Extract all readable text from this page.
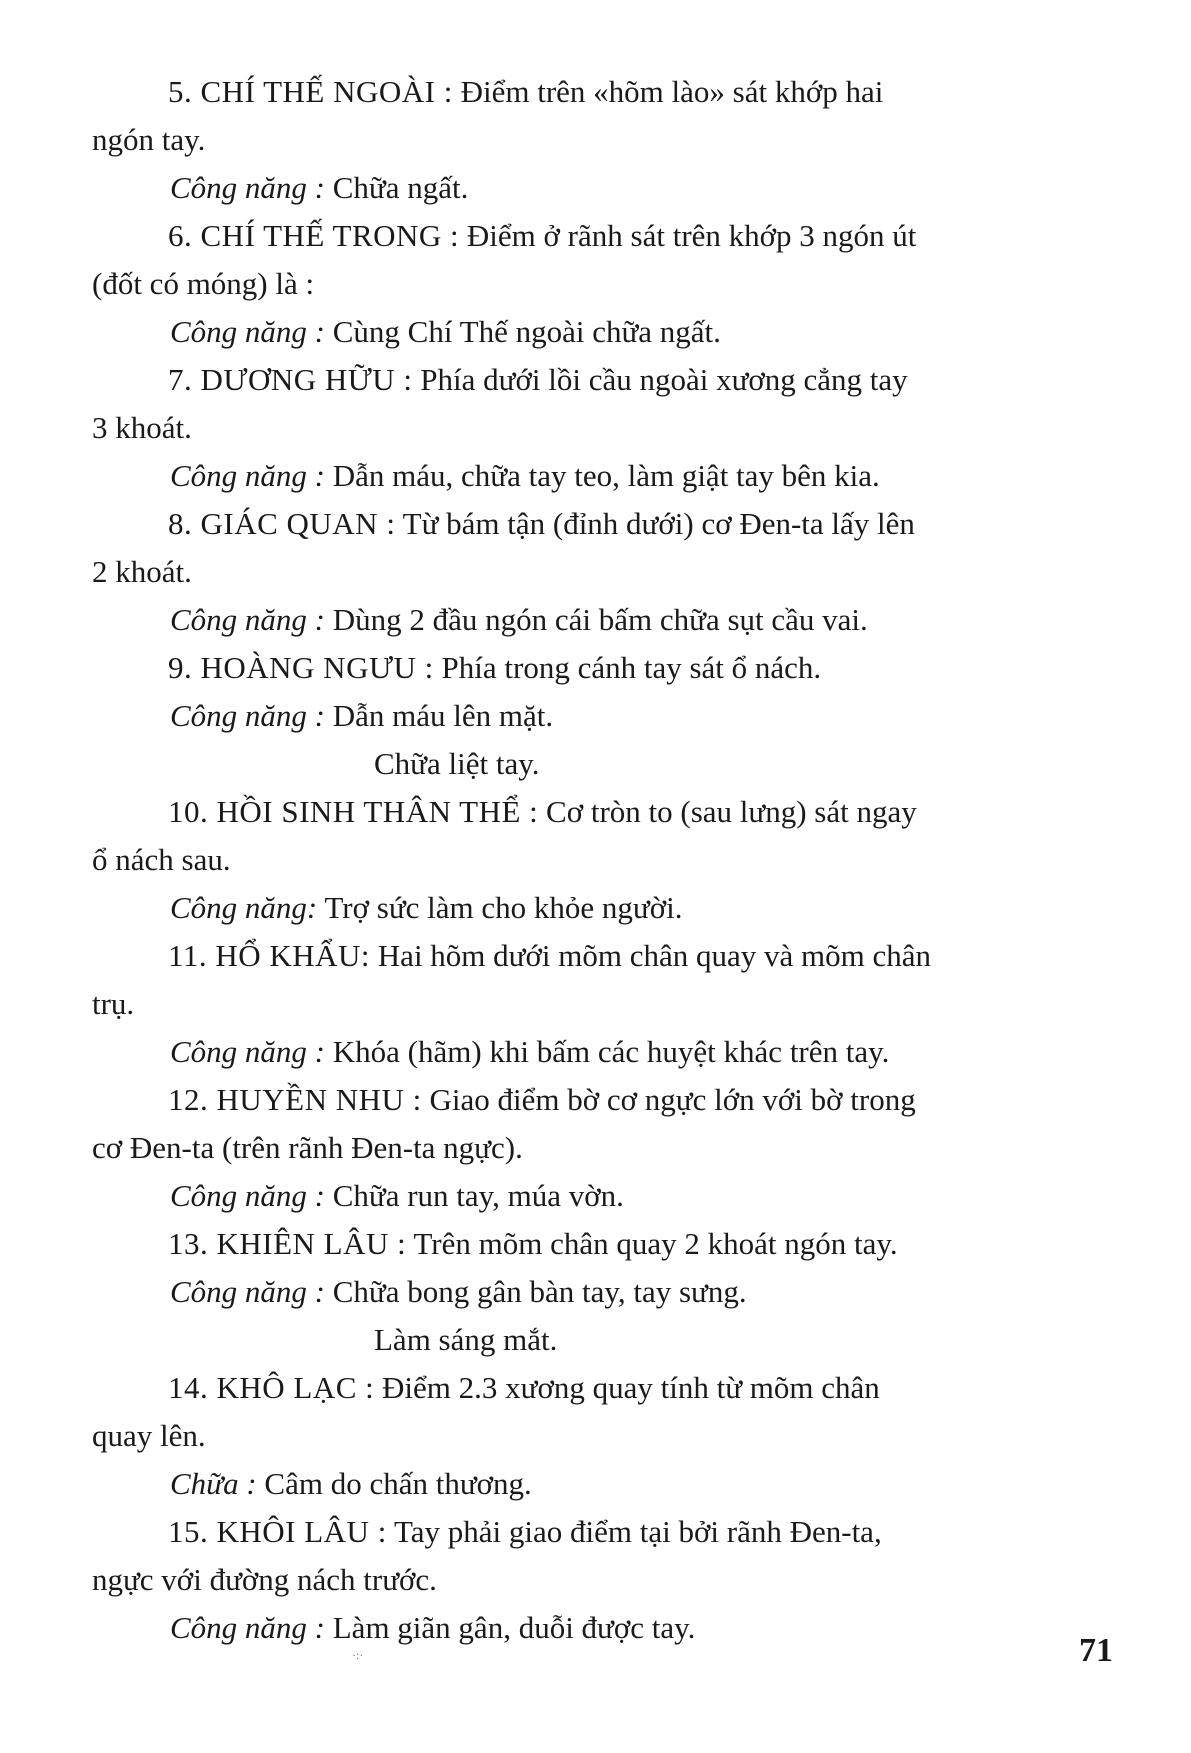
5. CHÍ THẾ NGOÀI : Điểm trên «hõm lào» sát khớp hai
ngón tay.
Công năng : Chữa ngất.
6. CHÍ THẾ TRONG : Điểm ở rãnh sát trên khớp 3 ngón út
(đốt có móng) là :
Công năng : Cùng Chí Thế ngoài chữa ngất.
7. DƯƠNG HỮU : Phía dưới lồi cầu ngoài xương cẳng tay
3 khoát.
Công năng : Dẫn máu, chữa tay teo, làm giật tay bên kia.
8. GIÁC QUAN : Từ bám tận (đỉnh dưới) cơ Đen-ta lấy lên
2 khoát.
Công năng : Dùng 2 đầu ngón cái bấm chữa sụt cầu vai.
9. HOÀNG NGƯU : Phía trong cánh tay sát ổ nách.
Công năng : Dẫn máu lên mặt.
Chữa liệt tay.
10. HỒI SINH THÂN THỂ : Cơ tròn to (sau lưng) sát ngay
ổ nách sau.
Công năng: Trợ sức làm cho khỏe người.
11. HỔ KHẨU: Hai hõm dưới mõm chân quay và mõm chân
trụ.
Công năng : Khóa (hãm) khi bấm các huyệt khác trên tay.
12. HUYỀN NHU : Giao điểm bờ cơ ngực lớn với bờ trong
cơ Đen-ta (trên rãnh Đen-ta ngực).
Công năng : Chữa run tay, múa vờn.
13. KHIÊN LÂU : Trên mõm chân quay 2 khoát ngón tay.
Công năng : Chữa bong gân bàn tay, tay sưng.
Làm sáng mắt.
14. KHÔ LẠC : Điểm 2.3 xương quay tính từ mõm chân
quay lên.
Chữa : Câm do chấn thương.
15. KHÔI LÂU : Tay phải giao điểm tại bởi rãnh Đen-ta,
ngực với đường nách trước.
Công năng : Làm giãn gân, duỗi được tay.
·:·	71
